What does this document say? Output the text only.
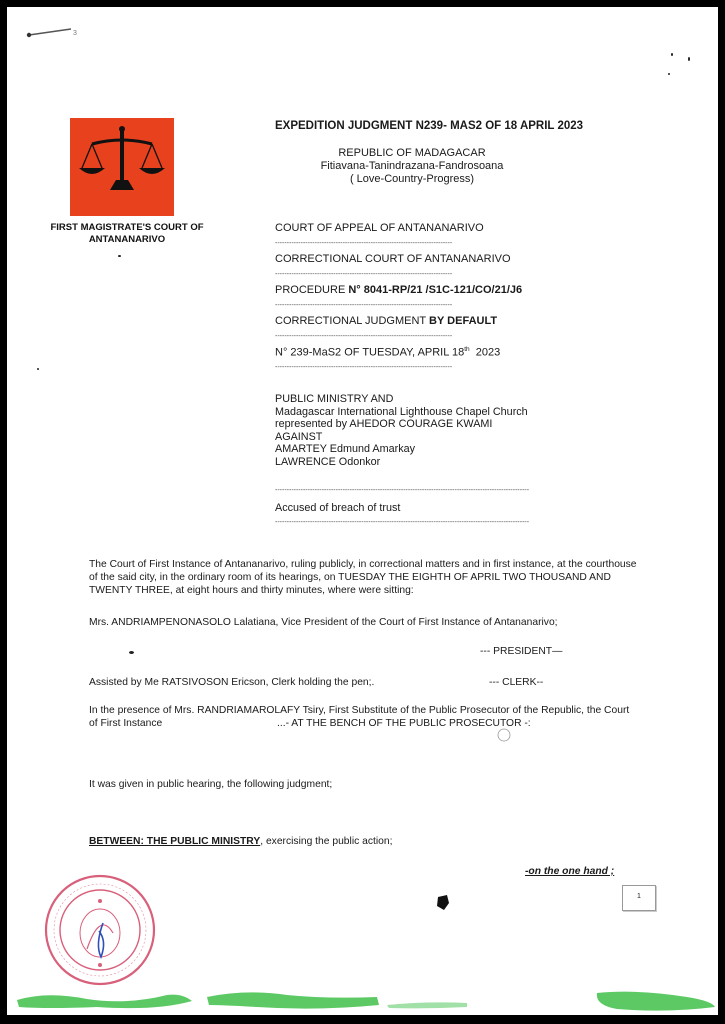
3
FIRST MAGISTRATE'S COURT OF
ANTANANARIVO
EXPEDITION JUDGMENT N239- MAS2 OF 18 APRIL 2023
REPUBLIC OF MADAGACAR
Fitiavana-Tanindrazana-Fandrosoana
( Love-Country-Progress)
COURT OF APPEAL OF ANTANANARIVO
----------------------------------------------------------------------------
CORRECTIONAL COURT OF ANTANANARIVO
----------------------------------------------------------------------------
PROCEDURE N° 8041-RP/21 /S1C-121/CO/21/J6
----------------------------------------------------------------------------
CORRECTIONAL JUDGMENT BY DEFAULT
----------------------------------------------------------------------------
N° 239-MaS2 OF TUESDAY, APRIL 18th 2023
----------------------------------------------------------------------------
PUBLIC MINISTRY AND
Madagascar International Lighthouse Chapel Church
represented by AHEDOR COURAGE KWAMI
AGAINST
AMARTEY Edmund Amarkay
LAWRENCE Odonkor
-------------------------------------------------------------------------------------------------------------
Accused of breach of trust
-------------------------------------------------------------------------------------------------------------
The Court of First Instance of Antananarivo, ruling publicly, in correctional matters and in first instance, at the courthouse
of the said city, in the ordinary room of its hearings, on TUESDAY THE EIGHTH OF APRIL TWO THOUSAND AND
TWENTY THREE, at eight hours and thirty minutes, where were sitting:
Mrs. ANDRIAMPENONASOLO Lalatiana, Vice President of the Court of First Instance of Antananarivo;
--- PRESIDENT—
Assisted by Me RATSIVOSON Ericson, Clerk holding the pen;.	--- CLERK--
In the presence of Mrs. RANDRIAMAROLAFY Tsiry, First Substitute of the Public Prosecutor of the Republic, the Court
of First Instance	...- AT THE BENCH OF THE PUBLIC PROSECUTOR -:
It was given in public hearing, the following judgment;
BETWEEN: THE PUBLIC MINISTRY, exercising the public action;
-on the one hand ;
1
